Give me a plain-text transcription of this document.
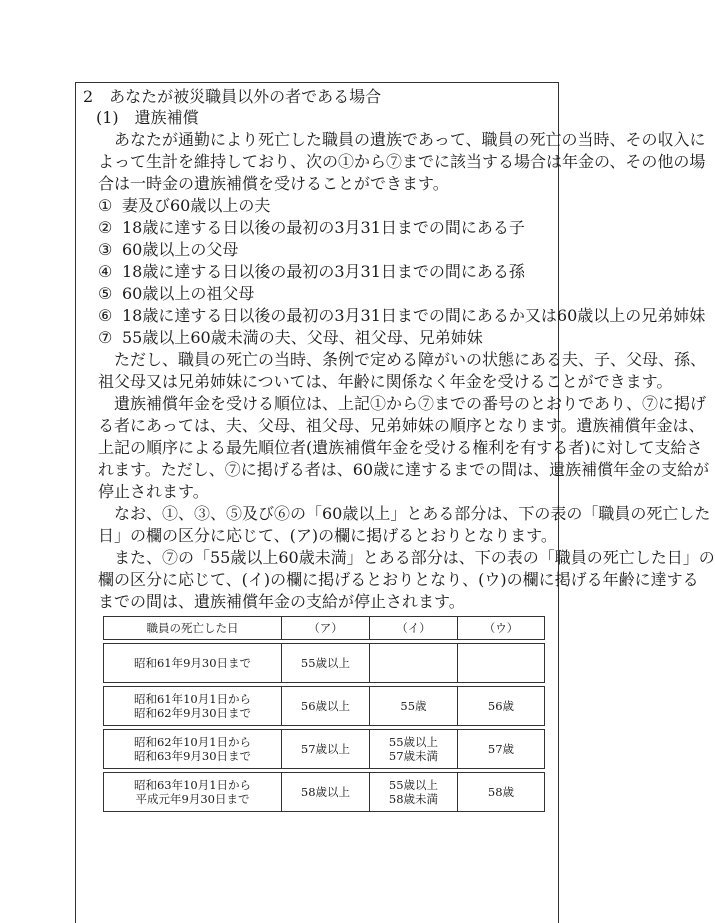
2　あなたが被災職員以外の者である場合
(1)　遺族補償
あなたが通勤により死亡した職員の遺族であって、職員の死亡の当時、その収入に
よって生計を維持しており、次の①から⑦までに該当する場合は年金の、その他の場
合は一時金の遺族補償を受けることができます。
① 妻及び60歳以上の夫
② 18歳に達する日以後の最初の3月31日までの間にある子
③ 60歳以上の父母
④ 18歳に達する日以後の最初の3月31日までの間にある孫
⑤ 60歳以上の祖父母
⑥ 18歳に達する日以後の最初の3月31日までの間にあるか又は60歳以上の兄弟姉妹
⑦ 55歳以上60歳未満の夫、父母、祖父母、兄弟姉妹
ただし、職員の死亡の当時、条例で定める障がいの状態にある夫、子、父母、孫、
祖父母又は兄弟姉妹については、年齢に関係なく年金を受けることができます。
遺族補償年金を受ける順位は、上記①から⑦までの番号のとおりであり、⑦に掲げ
る者にあっては、夫、父母、祖父母、兄弟姉妹の順序となります。遺族補償年金は、
上記の順序による最先順位者(遺族補償年金を受ける権利を有する者)に対して支給さ
れます。ただし、⑦に掲げる者は、60歳に達するまでの間は、遺族補償年金の支給が
停止されます。
なお、①、③、⑤及び⑥の「60歳以上」とある部分は、下の表の「職員の死亡した
日」の欄の区分に応じて、(ア)の欄に掲げるとおりとなります。
また、⑦の「55歳以上60歳未満」とある部分は、下の表の「職員の死亡した日」の
欄の区分に応じて、(イ)の欄に掲げるとおりとなり、(ウ)の欄に掲げる年齢に達する
までの間は、遺族補償年金の支給が停止されます。
職員の死亡した日	（ア）	（イ）	（ウ）

昭和61年9月30日まで	55歳以上		

昭和61年10月1日から
昭和62年9月30日まで	56歳以上	55歳	56歳

昭和62年10月1日から
昭和63年9月30日まで	57歳以上	55歳以上
57歳未満	57歳

昭和63年10月1日から
平成元年9月30日まで	58歳以上	55歳以上
58歳未満	58歳
